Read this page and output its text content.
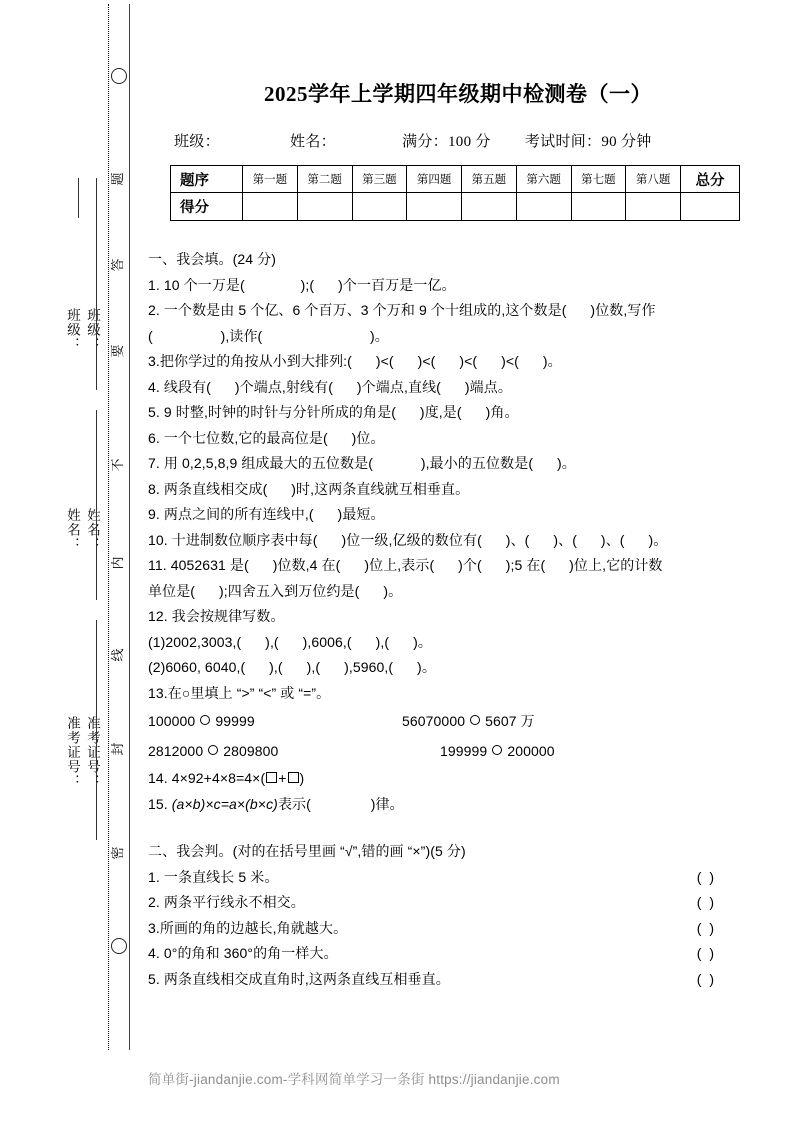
题
答
要
不
内
线
封
密
班级： 班级：
姓名： 姓名：
准考证号： 准考证号：
2025学年上学期四年级期中检测卷（一）
班级：	姓名：	满分：100 分 考试时间：90 分钟
题序	第一题	第二题	第三题	第四题	第五题	第六题	第七题	第八题	总分
得分									
一、我会填。(24 分)
1. 10 个一万是(              );(      )个一百万是一亿。
2. 一个数是由 5 个亿、6 个百万、3 个万和 9 个十组成的,这个数是(      )位数,写作
(                 ),读作(                           )。
3.把你学过的角按从小到大排列:(      )<(      )<(      )<(      )<(      )。
4. 线段有(      )个端点,射线有(      )个端点,直线(      )端点。
5. 9 时整,时钟的时针与分针所成的角是(      )度,是(      )角。
6. 一个七位数,它的最高位是(      )位。
7. 用 0,2,5,8,9 组成最大的五位数是(            ),最小的五位数是(      )。
8. 两条直线相交成(      )时,这两条直线就互相垂直。
9. 两点之间的所有连线中,(      )最短。
10. 十进制数位顺序表中每(      )位一级,亿级的数位有(      )、(      )、(      )、(      )。
11. 4052631 是(      )位数,4 在(      )位上,表示(      )个(      );5 在(      )位上,它的计数
单位是(      );四舍五入到万位约是(      )。
12. 我会按规律写数。
(1)2002,3003,(      ),(      ),6006,(      ),(      )。
(2)6060, 6040,(      ),(      ),(      ),5960,(      )。
13.在○里填上 “>” “<” 或 “=”。
100000 99999	56070000 5607 万
2812000 2809800	199999 200000
14. 4×92+4×8=4×( + )
15. (a×b)×c=a×(b×c)表示(               )律。
二、我会判。(对的在括号里画 “√”,错的画 “×”)(5 分)
1. 一条直线长 5 米。	( )
2. 两条平行线永不相交。	( )
3.所画的角的边越长,角就越大。	( )
4. 0°的角和 360°的角一样大。	( )
5. 两条直线相交成直角时,这两条直线互相垂直。	( )
简单街-jiandanjie.com-学科网简单学习一条街 https://jiandanjie.com
